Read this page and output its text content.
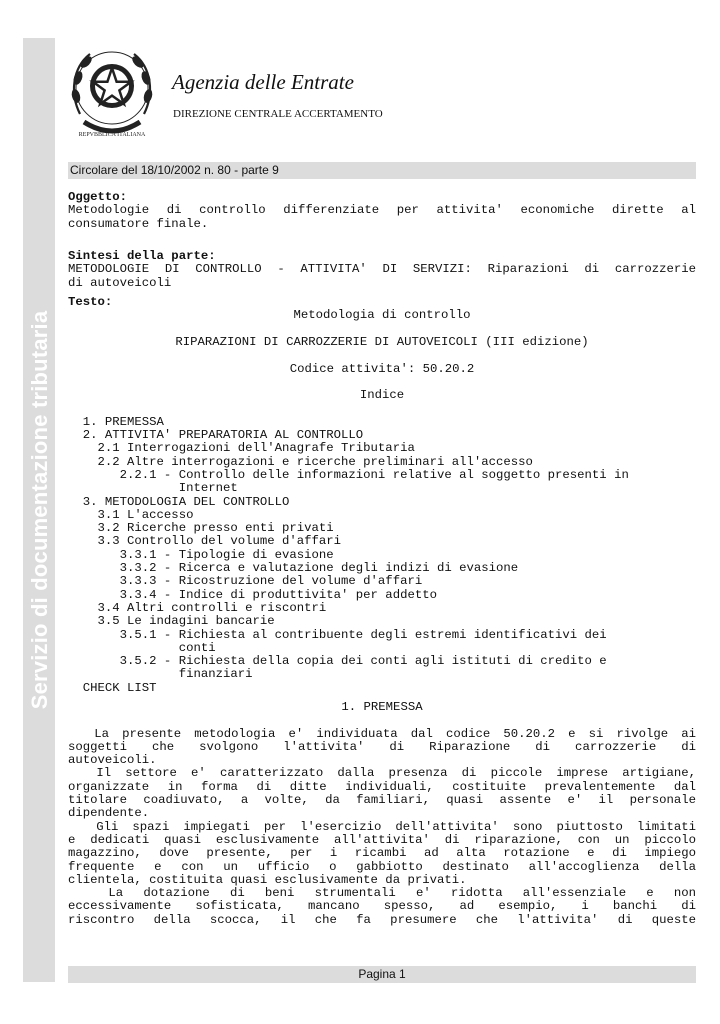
Servizio di documentazione tributaria
REPVBBLICA ITALIANA
Agenzia delle Entrate
DIREZIONE CENTRALE ACCERTAMENTO
Circolare del 18/10/2002 n. 80 - parte 9
Oggetto:
Metodologie di controllo differenziate per attivita' economiche dirette al
consumatore finale.
Sintesi della parte:
METODOLOGIE DI CONTROLLO - ATTIVITA' DI SERVIZI: Riparazioni di carrozzerie
di autoveicoli
Testo:
Metodologia di controllo
RIPARAZIONI DI CARROZZERIE DI AUTOVEICOLI (III edizione)
Codice attivita': 50.20.2
Indice
1. PREMESSA
2. ATTIVITA' PREPARATORIA AL CONTROLLO
2.1 Interrogazioni dell'Anagrafe Tributaria
2.2 Altre interrogazioni e ricerche preliminari all'accesso
2.2.1 - Controllo delle informazioni relative al soggetto presenti in
Internet
3. METODOLOGIA DEL CONTROLLO
3.1 L'accesso
3.2 Ricerche presso enti privati
3.3 Controllo del volume d'affari
3.3.1 - Tipologie di evasione
3.3.2 - Ricerca e valutazione degli indizi di evasione
3.3.3 - Ricostruzione del volume d'affari
3.3.4 - Indice di produttivita' per addetto
3.4 Altri controlli e riscontri
3.5 Le indagini bancarie
3.5.1 - Richiesta al contribuente degli estremi identificativi dei
conti
3.5.2 - Richiesta della copia dei conti agli istituti di credito e
finanziari
CHECK LIST
1. PREMESSA
La presente metodologia e' individuata dal codice 50.20.2 e si rivolge ai
soggetti che svolgono l'attivita' di Riparazione di carrozzerie di
autoveicoli.
Il settore e' caratterizzato dalla presenza di piccole imprese artigiane,
organizzate in forma di ditte individuali, costituite prevalentemente dal
titolare coadiuvato, a volte, da familiari, quasi assente e' il personale
dipendente.
Gli spazi impiegati per l'esercizio dell'attivita' sono piuttosto limitati
e dedicati quasi esclusivamente all'attivita' di riparazione, con un piccolo
magazzino, dove presente, per i ricambi ad alta rotazione e di impiego
frequente e con un ufficio o gabbiotto destinato all'accoglienza della
clientela, costituita quasi esclusivamente da privati.
La dotazione di beni strumentali e' ridotta all'essenziale e non
eccessivamente sofisticata, mancano spesso, ad esempio, i banchi di
riscontro della scocca, il che fa presumere che l'attivita' di queste
Pagina 1
